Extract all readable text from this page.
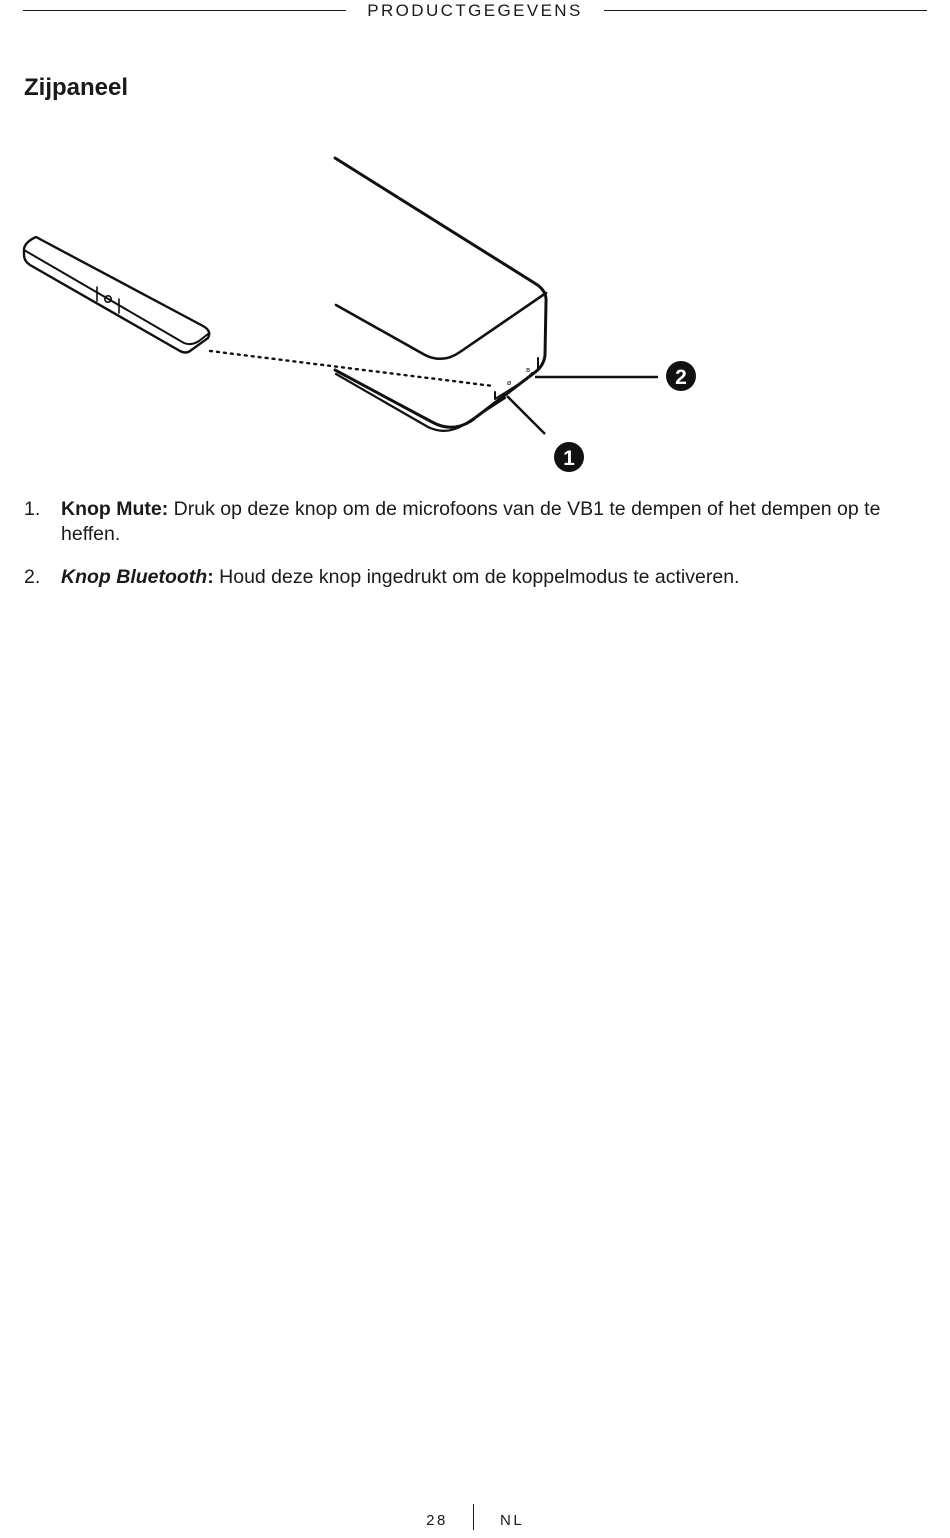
PRODUCTGEGEVENS
Zijpaneel
ø
ʙ	2
1
1. Knop Mute: Druk op deze knop om de microfoons van de VB1 te dempen of het dempen op te heffen.
2. Knop Bluetooth: Houd deze knop ingedrukt om de koppelmodus te activeren.
28	NL
